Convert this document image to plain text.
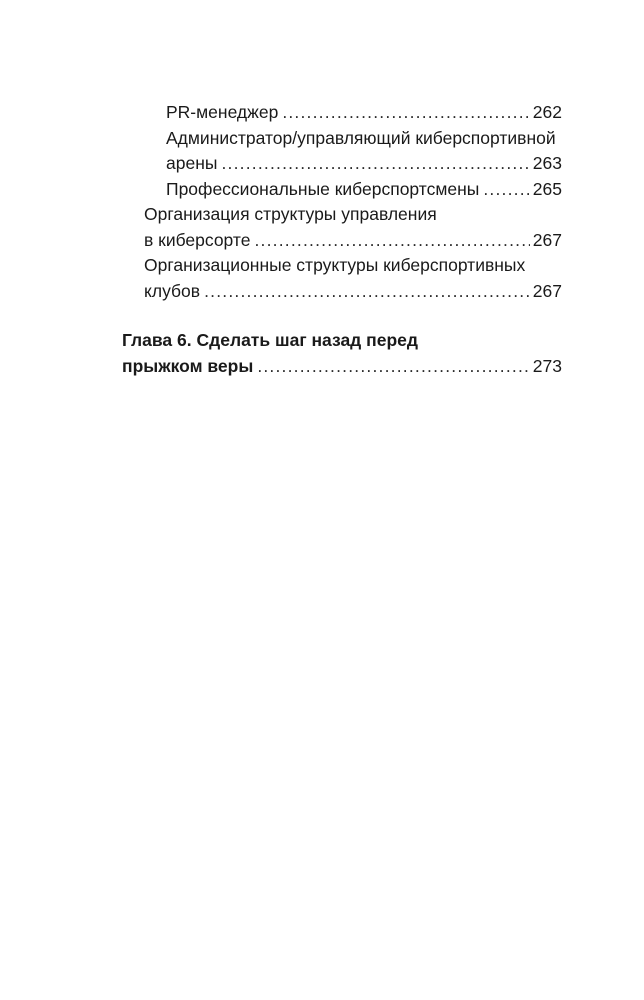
PR-менеджер .....	262
Администратор/управляющий киберспортивной
арены .....	263
Профессиональные киберспортсмены .....	265
Организация структуры управления
в киберсорте .....	267
Организационные структуры киберспортивных
клубов .....	267
Глава 6. Сделать шаг назад перед
прыжком веры .....	273
